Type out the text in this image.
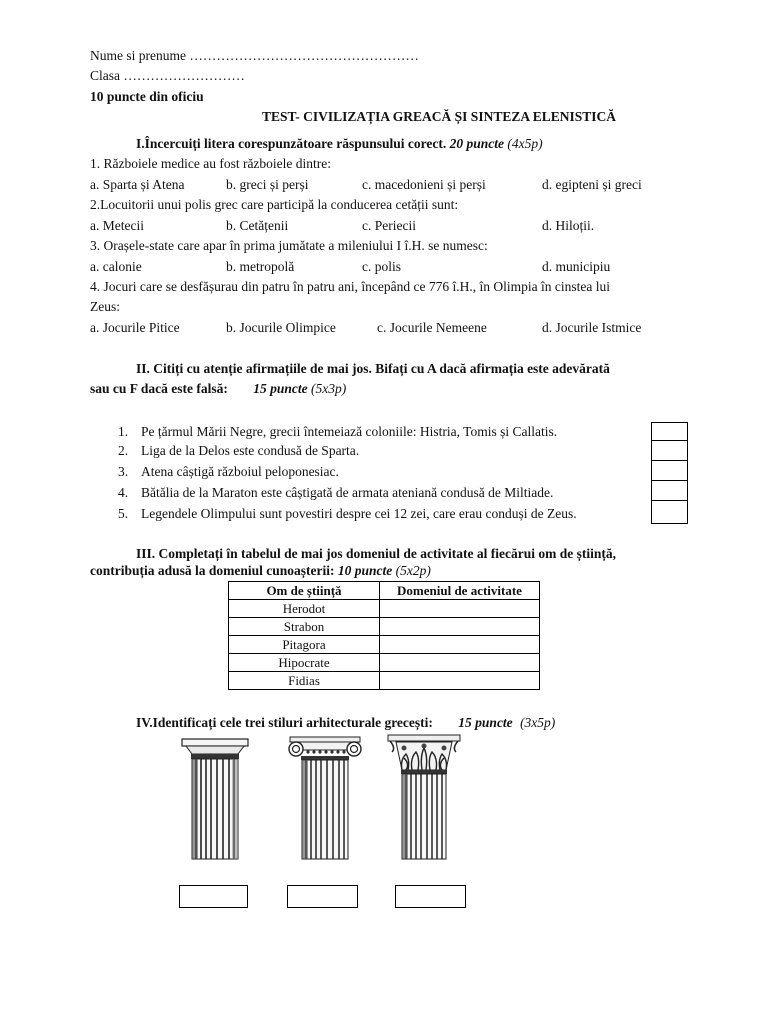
Nume si prenume ……………………………………………
Clasa ………………………
10 puncte din oficiu
TEST- CIVILIZAȚIA GREACĂ ȘI SINTEZA ELENISTICĂ
I.Încercuiți litera corespunzătoare răspunsului corect. 20 puncte (4x5p)
1. Războiele medice au fost războiele dintre:
a. Sparta și Atena	b. greci și perși	c. macedonieni și perși	d. egipteni și greci
2.Locuitorii unui polis grec care participă la conducerea cetății sunt:
a. Metecii	b. Cetățenii	c. Periecii	d. Hiloții.
3. Orașele-state care apar în prima jumătate a mileniului I î.H. se numesc:
a. calonie	b. metropolă	c. polis	d. municipiu
4. Jocuri care se desfășurau din patru în patru ani, începând ce 776 î.H., în Olimpia în cinstea lui
Zeus:
a. Jocurile Pitice	b. Jocurile Olimpice	c. Jocurile Nemeene	d. Jocurile Istmice
II. Citiți cu atenție afirmațiile de mai jos. Bifați cu A dacă afirmația este adevărată
sau cu F dacă este falsă: 15 puncte (5x3p)
1. Pe țărmul Mării Negre, grecii întemeiază coloniile: Histria, Tomis și Callatis.
2. Liga de la Delos este condusă de Sparta.
3. Atena câștigă războiul peloponesiac.
4. Bătălia de la Maraton este câștigată de armata ateniană condusă de Miltiade.
5. Legendele Olimpului sunt povestiri despre cei 12 zei, care erau conduși de Zeus.
III. Completați în tabelul de mai jos domeniul de activitate al fiecărui om de știință,
contribuția adusă la domeniul cunoașterii: 10 puncte (5x2p)
Om de știință	Domeniul de activitate
Herodot	
Strabon	
Pitagora	
Hipocrate	
Fidias	
IV.Identificați cele trei stiluri arhitecturale grecești: 15 puncte (3x5p)
